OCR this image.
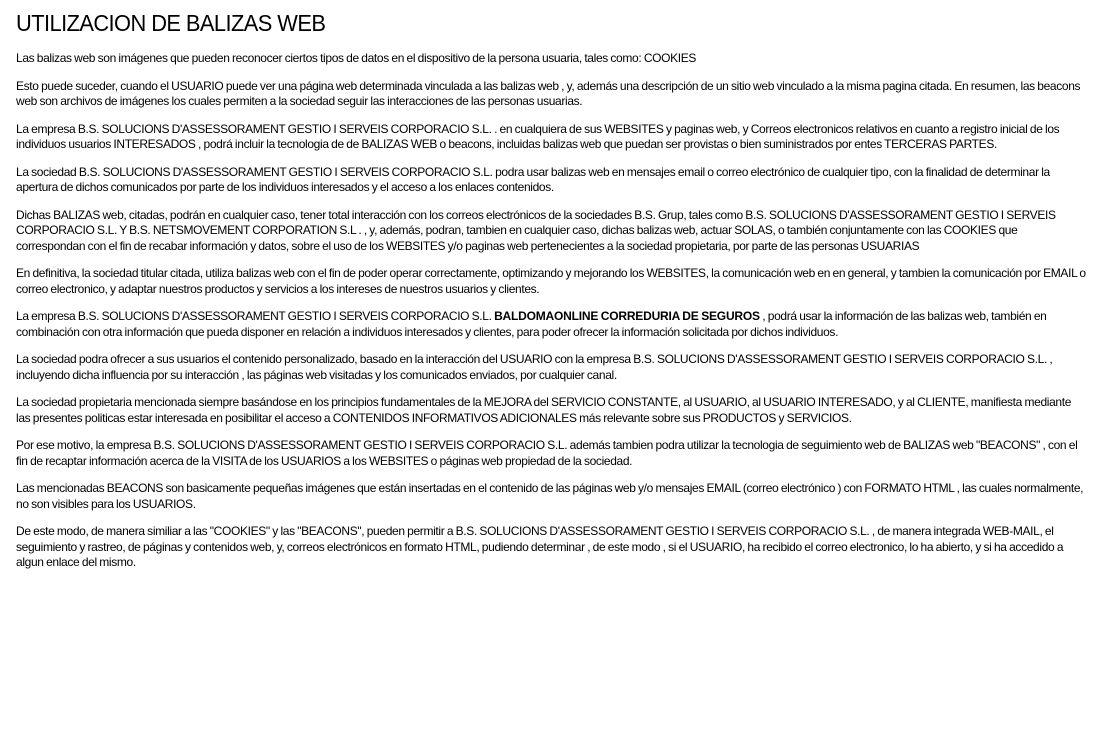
UTILIZACION DE BALIZAS WEB

Las balizas web son imágenes que pueden reconocer ciertos tipos de datos en el dispositivo de la persona usuaria, tales como: COOKIES

Esto puede suceder, cuando el USUARIO puede ver una página web determinada vinculada a las balizas web , y, además una descripción de un sitio web vinculado a la misma pagina citada. En resumen, las beacons web son archivos de imágenes los cuales permiten a la sociedad seguir las interacciones de las personas usuarias.

La empresa B.S. SOLUCIONS D'ASSESSORAMENT GESTIO I SERVEIS CORPORACIO S.L. . en cualquiera de sus WEBSITES y paginas web, y Correos electronicos relativos en cuanto a registro inicial de los individuos usuarios INTERESADOS , podrá incluir la tecnologia de de BALIZAS WEB o beacons, incluidas balizas web que puedan ser provistas o bien suministrados por entes TERCERAS PARTES.

La sociedad B.S. SOLUCIONS D'ASSESSORAMENT GESTIO I SERVEIS CORPORACIO S.L. podra usar balizas web en mensajes email o correo electrónico de cualquier tipo, con la finalidad de determinar la apertura de dichos comunicados por parte de los individuos interesados y el acceso a los enlaces contenidos.

Dichas BALIZAS web, citadas, podrán en cualquier caso, tener total interacción con los correos electrónicos de la sociedades B.S. Grup, tales como B.S. SOLUCIONS D'ASSESSORAMENT GESTIO I SERVEIS CORPORACIO S.L. Y B.S. NETSMOVEMENT CORPORATION S.L . , y, además, podran, tambien en cualquier caso, dichas balizas web, actuar SOLAS, o también conjuntamente con las COOKIES que correspondan con el fin de recabar información y datos, sobre el uso de los WEBSITES y/o paginas web pertenecientes a la sociedad propietaria, por parte de las personas USUARIAS

En definitiva, la sociedad titular citada, utiliza balizas web con el fin de poder operar correctamente, optimizando y mejorando los WEBSITES, la comunicación web en en general, y tambien la comunicación por EMAIL o correo electronico, y adaptar nuestros productos y servicios a los intereses de nuestros usuarios y clientes.

La empresa B.S. SOLUCIONS D'ASSESSORAMENT GESTIO I SERVEIS CORPORACIO S.L. BALDOMAONLINE CORREDURIA DE SEGUROS , podrá usar la información de las balizas web, también en combinación con otra información que pueda disponer en relación a individuos interesados y clientes, para poder ofrecer la información solicitada por dichos individuos.

La sociedad podra ofrecer a sus usuarios el contenido personalizado, basado en la interacción del USUARIO con la empresa B.S. SOLUCIONS D'ASSESSORAMENT GESTIO I SERVEIS CORPORACIO S.L. , incluyendo dicha influencia por su interacción , las páginas web visitadas y los comunicados enviados, por cualquier canal.

La sociedad propietaria mencionada siempre basándose en los principios fundamentales de la MEJORA del SERVICIO CONSTANTE, al USUARIO, al USUARIO INTERESADO, y al CLIENTE, manifiesta mediante las presentes politicas estar interesada en posibilitar el acceso a CONTENIDOS INFORMATIVOS ADICIONALES más relevante sobre sus PRODUCTOS y SERVICIOS.

Por ese motivo, la empresa B.S. SOLUCIONS D'ASSESSORAMENT GESTIO I SERVEIS CORPORACIO S.L. además tambien podra utilizar la tecnologia de seguimiento web de BALIZAS web "BEACONS" , con el fin de recaptar información acerca de la VISITA de los USUARIOS a los WEBSITES o páginas web propiedad de la sociedad.

Las mencionadas BEACONS son basicamente pequeñas imágenes que están insertadas en el contenido de las páginas web y/o mensajes EMAIL (correo electrónico ) con FORMATO HTML , las cuales normalmente, no son visibles para los USUARIOS.

De este modo, de manera similiar a las "COOKIES" y las "BEACONS", pueden permitir a B.S. SOLUCIONS D'ASSESSORAMENT GESTIO I SERVEIS CORPORACIO S.L. , de manera integrada WEB-MAIL, el seguimiento y rastreo, de páginas y contenidos web, y, correos electrónicos en formato HTML, pudiendo determinar , de este modo , si el USUARIO, ha recibido el correo electronico, lo ha abierto, y si ha accedido a algun enlace del mismo.
